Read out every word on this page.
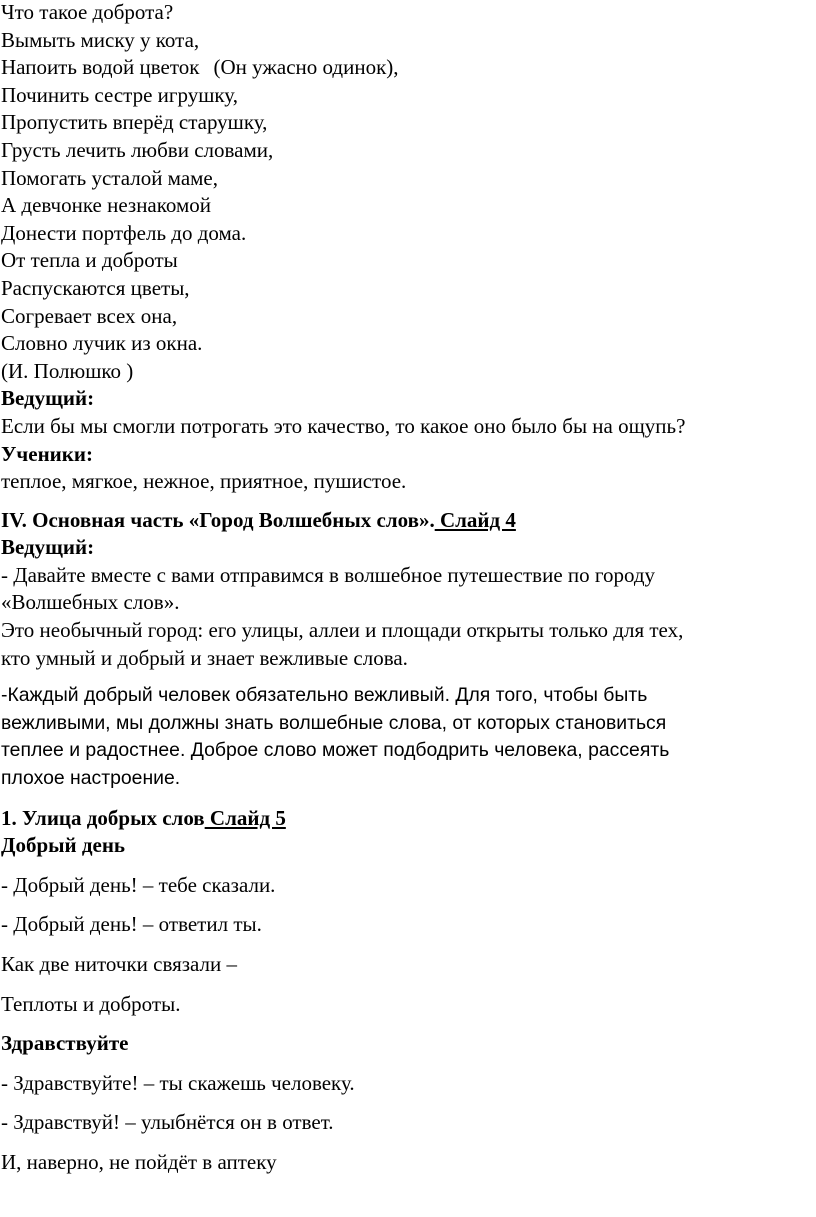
Что такое доброта?
Вымыть миску у кота,
Напоить водой цветок (Он ужасно одинок),
Починить сестре игрушку,
Пропустить вперёд старушку,
Грусть лечить любви словами,
Помогать усталой маме,
А девчонке незнакомой
Донести портфель до дома.
От тепла и доброты
Распускаются цветы,
Согревает всех она,
Словно лучик из окна.
(И. Полюшко )
Ведущий:
Если бы мы смогли потрогать это качество, то какое оно было бы на ощупь?
Ученики:
теплое, мягкое, нежное, приятное, пушистое.
IV. Основная часть «Город Волшебных слов». Слайд 4
Ведущий:
- Давайте вместе с вами отправимся в волшебное путешествие по городу
«Волшебных слов».
Это необычный город: его улицы, аллеи и площади открыты только для тех,
кто умный и добрый и знает вежливые слова.
-Каждый добрый человек обязательно вежливый. Для того, чтобы быть
вежливыми, мы должны знать волшебные слова, от которых становиться
теплее и радостнее. Доброе слово может подбодрить человека, рассеять
плохое настроение.
1. Улица добрых слов Слайд 5
Добрый день
- Добрый день! – тебе сказали.
- Добрый день! – ответил ты.
Как две ниточки связали –
Теплоты и доброты.
Здравствуйте
- Здравствуйте! – ты скажешь человеку.
- Здравствуй! – улыбнётся он в ответ.
И, наверно, не пойдёт в аптеку
